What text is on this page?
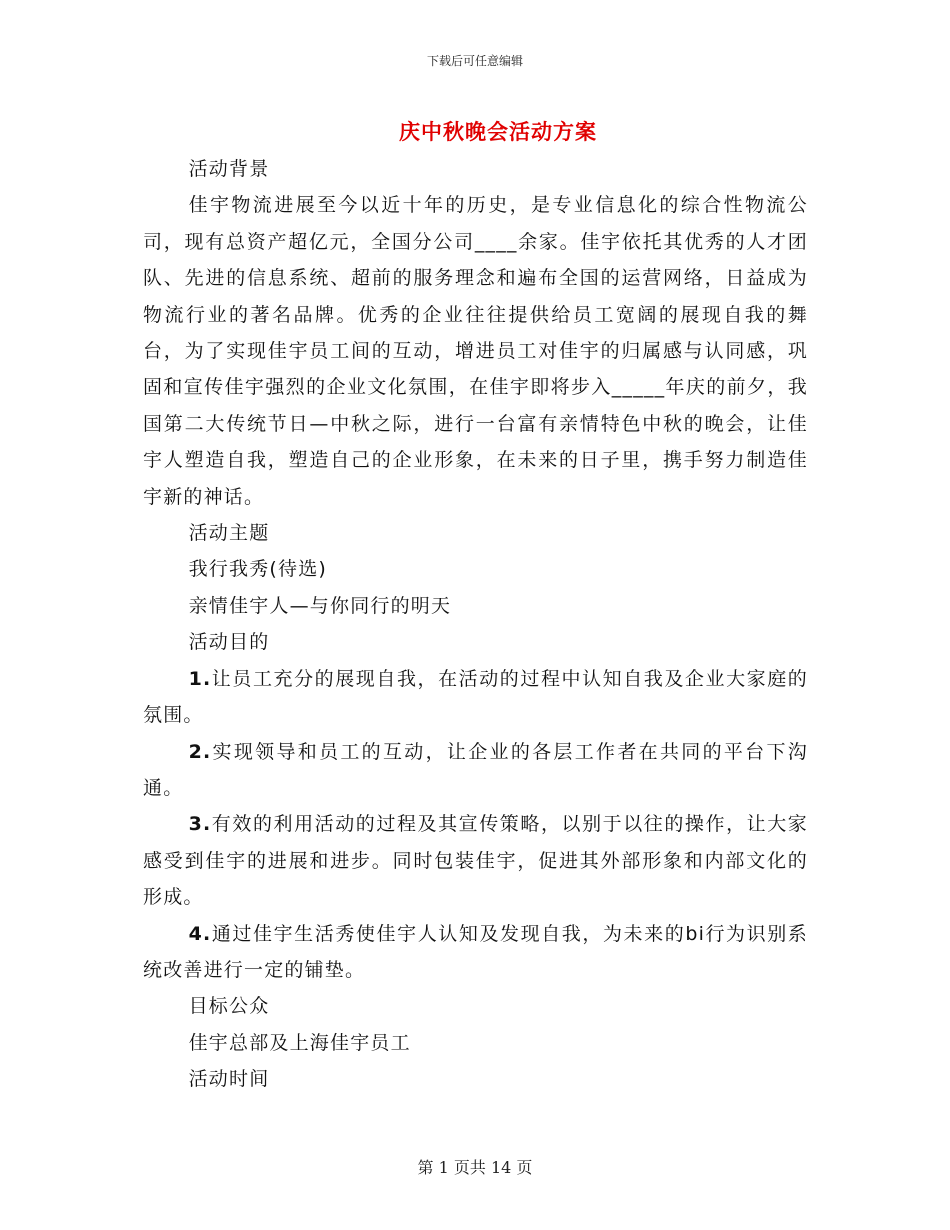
下载后可任意编辑
庆中秋晚会活动方案

活动背景

佳宇物流进展至今以近十年的历史，是专业信息化的综合性物流公司，现有总资产超亿元，全国分公司____余家。佳宇依托其优秀的人才团队、先进的信息系统、超前的服务理念和遍布全国的运营网络，日益成为物流行业的著名品牌。优秀的企业往往提供给员工宽阔的展现自我的舞台，为了实现佳宇员工间的互动，增进员工对佳宇的归属感与认同感，巩固和宣传佳宇强烈的企业文化氛围，在佳宇即将步入_____年庆的前夕，我国第二大传统节日—中秋之际，进行一台富有亲情特色中秋的晚会，让佳宇人塑造自我，塑造自己的企业形象，在未来的日子里，携手努力制造佳宇新的神话。

活动主题

我行我秀(待选)

亲情佳宇人—与你同行的明天

活动目的

1.让员工充分的展现自我，在活动的过程中认知自我及企业大家庭的氛围。

2.实现领导和员工的互动，让企业的各层工作者在共同的平台下沟通。

3.有效的利用活动的过程及其宣传策略，以别于以往的操作，让大家感受到佳宇的进展和进步。同时包装佳宇，促进其外部形象和内部文化的形成。

4.通过佳宇生活秀使佳宇人认知及发现自我，为未来的bi行为识别系统改善进行一定的铺垫。

目标公众

佳宇总部及上海佳宇员工

活动时间

第 1 页共 14 页
